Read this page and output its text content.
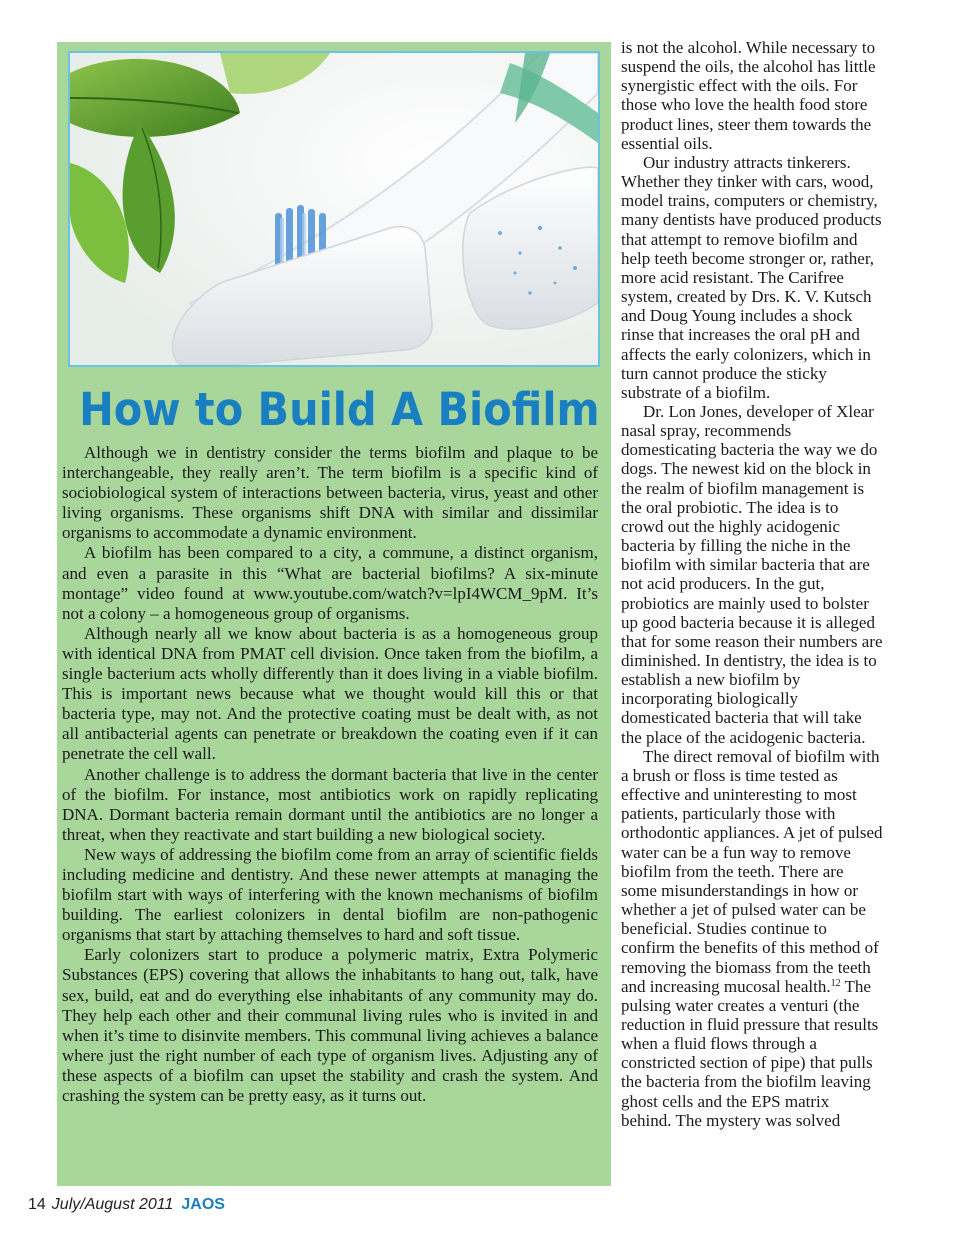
How to Build A Biofilm

Although we in dentistry consider the terms biofilm and plaque to be interchangeable, they really aren’t. The term biofilm is a specific kind of sociobiological system of interactions between bacteria, virus, yeast and other living organisms. These organisms shift DNA with similar and dissimilar organisms to accommodate a dynamic environment.

A biofilm has been compared to a city, a commune, a distinct organism, and even a parasite in this “What are bacterial biofilms? A six-minute montage” video found at www.youtube.com/watch?v=lpI4WCM_9pM. It’s not a colony – a homogeneous group of organisms.

Although nearly all we know about bacteria is as a homogeneous group with identical DNA from PMAT cell division. Once taken from the biofilm, a single bacterium acts wholly differently than it does living in a viable biofilm. This is important news because what we thought would kill this or that bacteria type, may not. And the protective coating must be dealt with, as not all antibacterial agents can penetrate or breakdown the coating even if it can penetrate the cell wall.

Another challenge is to address the dormant bacteria that live in the center of the biofilm. For instance, most antibiotics work on rapidly replicating DNA. Dormant bacteria remain dormant until the antibiotics are no longer a threat, when they reactivate and start building a new biological society.

New ways of addressing the biofilm come from an array of scientific fields including medicine and dentistry. And these newer attempts at managing the biofilm start with ways of interfering with the known mechanisms of biofilm building. The earliest colonizers in dental biofilm are non-pathogenic organisms that start by attaching themselves to hard and soft tissue.

Early colonizers start to produce a polymeric matrix, Extra Polymeric Substances (EPS) covering that allows the inhabitants to hang out, talk, have sex, build, eat and do everything else inhabitants of any community may do. They help each other and their communal living rules who is invited in and when it’s time to disinvite members. This communal living achieves a balance where just the right number of each type of organism lives. Adjusting any of these aspects of a biofilm can upset the stability and crash the system. And crashing the system can be pretty easy, as it turns out.

is not the alcohol. While necessary to suspend the oils, the alcohol has little synergistic effect with the oils. For those who love the health food store product lines, steer them towards the essential oils.

Our industry attracts tinkerers. Whether they tinker with cars, wood, model trains, computers or chemistry, many dentists have produced products that attempt to remove biofilm and help teeth become stronger or, rather, more acid resistant. The Carifree system, created by Drs. K. V. Kutsch and Doug Young includes a shock rinse that increases the oral pH and affects the early colonizers, which in turn cannot produce the sticky substrate of a biofilm.

Dr. Lon Jones, developer of Xlear nasal spray, recommends domesticating bacteria the way we do dogs. The newest kid on the block in the realm of biofilm management is the oral probiotic. The idea is to crowd out the highly acidogenic bacteria by filling the niche in the biofilm with similar bacteria that are not acid producers. In the gut, probiotics are mainly used to bolster up good bacteria because it is alleged that for some reason their numbers are diminished. In dentistry, the idea is to establish a new biofilm by incorporating biologically domesticated bacteria that will take the place of the acidogenic bacteria.

The direct removal of biofilm with a brush or floss is time tested as effective and uninteresting to most patients, particularly those with orthodontic appliances. A jet of pulsed water can be a fun way to remove biofilm from the teeth. There are some misunderstandings in how or whether a jet of pulsed water can be beneficial. Studies continue to confirm the benefits of this method of removing the biomass from the teeth and increasing mucosal health.$^{12}$ The pulsing water creates a venturi (the reduction in fluid pressure that results when a fluid flows through a constricted section of pipe) that pulls the bacteria from the biofilm leaving ghost cells and the EPS matrix behind. The mystery was solved

14 July/August 2011 JAOS
